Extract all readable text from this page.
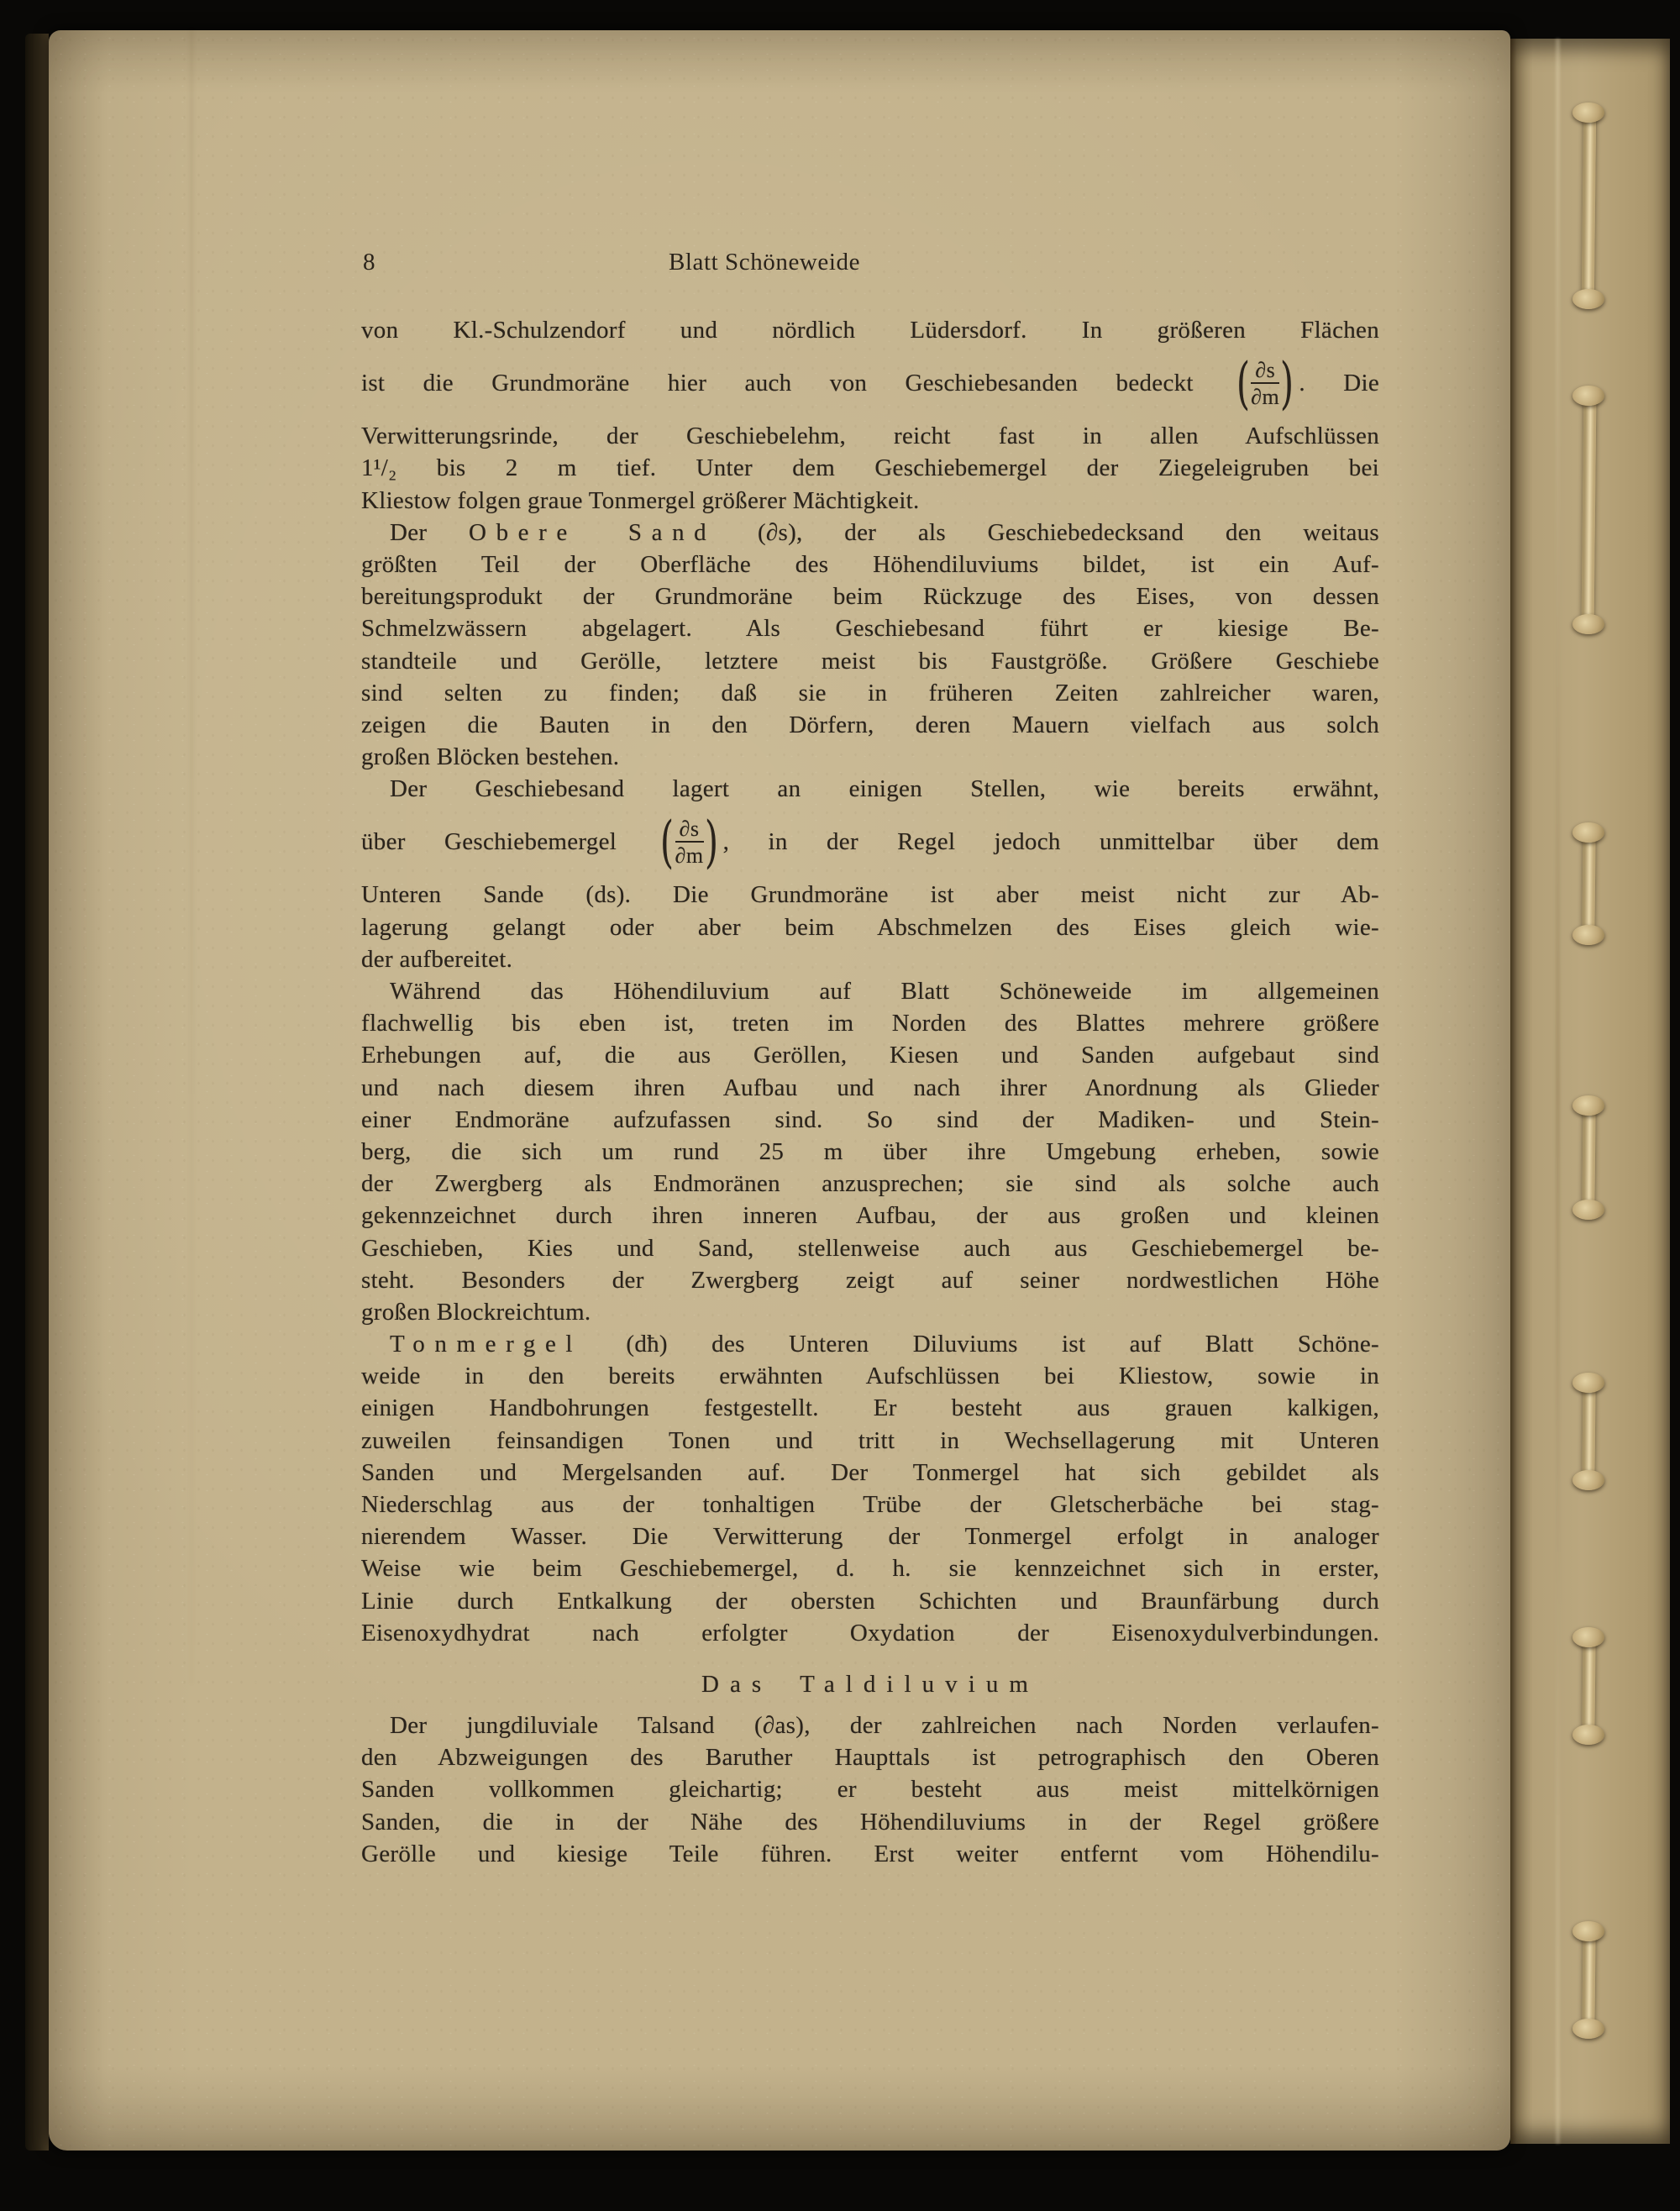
8	Blatt Schöneweide
von Kl.-Schulzendorf und nördlich Lüdersdorf. In größeren Flächen
ist die Grundmoräne hier auch von Geschiebesanden bedeckt ( $\frac{\partial s}{\partial m}$ ) . Die
Verwitterungsrinde, der Geschiebelehm, reicht fast in allen Aufschlüssen
1¹/₂ bis 2 m tief. Unter dem Geschiebemergel der Ziegeleigruben bei
Kliestow folgen graue Tonmergel größerer Mächtigkeit.
Der Obere Sand (∂s), der als Geschiebedecksand den weitaus
größten Teil der Oberfläche des Höhendiluviums bildet, ist ein Auf-
bereitungsprodukt der Grundmoräne beim Rückzuge des Eises, von dessen
Schmelzwässern abgelagert. Als Geschiebesand führt er kiesige Be-
standteile und Gerölle, letztere meist bis Faustgröße. Größere Geschiebe
sind selten zu finden; daß sie in früheren Zeiten zahlreicher waren,
zeigen die Bauten in den Dörfern, deren Mauern vielfach aus solch
großen Blöcken bestehen.
Der Geschiebesand lagert an einigen Stellen, wie bereits erwähnt,
über Geschiebemergel ( $\frac{\partial s}{\partial m}$ ) , in der Regel jedoch unmittelbar über dem
Unteren Sande (ds). Die Grundmoräne ist aber meist nicht zur Ab-
lagerung gelangt oder aber beim Abschmelzen des Eises gleich wie-
der aufbereitet.
Während das Höhendiluvium auf Blatt Schöneweide im allgemeinen
flachwellig bis eben ist, treten im Norden des Blattes mehrere größere
Erhebungen auf, die aus Geröllen, Kiesen und Sanden aufgebaut sind
und nach diesem ihren Aufbau und nach ihrer Anordnung als Glieder
einer Endmoräne aufzufassen sind. So sind der Madiken- und Stein-
berg, die sich um rund 25 m über ihre Umgebung erheben, sowie
der Zwergberg als Endmoränen anzusprechen; sie sind als solche auch
gekennzeichnet durch ihren inneren Aufbau, der aus großen und kleinen
Geschieben, Kies und Sand, stellenweise auch aus Geschiebemergel be-
steht. Besonders der Zwergberg zeigt auf seiner nordwestlichen Höhe
großen Blockreichtum.
Tonmergel (dħ) des Unteren Diluviums ist auf Blatt Schöne-
weide in den bereits erwähnten Aufschlüssen bei Kliestow, sowie in
einigen Handbohrungen festgestellt. Er besteht aus grauen kalkigen,
zuweilen feinsandigen Tonen und tritt in Wechsellagerung mit Unteren
Sanden und Mergelsanden auf. Der Tonmergel hat sich gebildet als
Niederschlag aus der tonhaltigen Trübe der Gletscherbäche bei stag-
nierendem Wasser. Die Verwitterung der Tonmergel erfolgt in analoger
Weise wie beim Geschiebemergel, d. h. sie kennzeichnet sich in erster,
Linie durch Entkalkung der obersten Schichten und Braunfärbung durch
Eisenoxydhydrat nach erfolgter Oxydation der Eisenoxydulverbindungen.
Das Taldiluvium
Der jungdiluviale Talsand (∂as), der zahlreichen nach Norden verlaufen-
den Abzweigungen des Baruther Haupttals ist petrographisch den Oberen
Sanden vollkommen gleichartig; er besteht aus meist mittelkörnigen
Sanden, die in der Nähe des Höhendiluviums in der Regel größere
Gerölle und kiesige Teile führen. Erst weiter entfernt vom Höhendilu-
